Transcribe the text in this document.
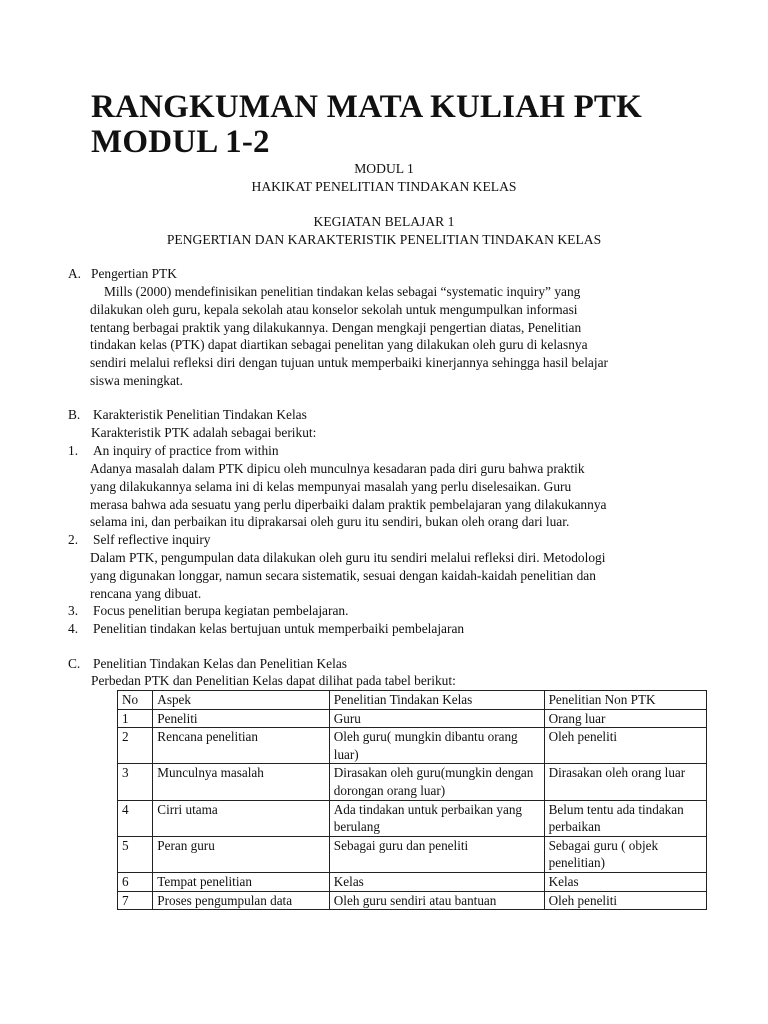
RANGKUMAN MATA KULIAH PTK
MODUL 1-2
MODUL 1
HAKIKAT PENELITIAN TINDAKAN KELAS
KEGIATAN BELAJAR 1
PENGERTIAN DAN KARAKTERISTIK PENELITIAN TINDAKAN KELAS
A. Pengertian PTK

Mills (2000) mendefinisikan penelitian tindakan kelas sebagai “systematic inquiry” yang

dilakukan oleh guru, kepala sekolah atau konselor sekolah untuk mengumpulkan informasi

tentang berbagai praktik yang dilakukannya. Dengan mengkaji pengertian diatas, Penelitian

tindakan kelas (PTK) dapat diartikan sebagai penelitan yang dilakukan oleh guru di kelasnya

sendiri melalui refleksi diri dengan tujuan untuk memperbaiki kinerjannya sehingga hasil belajar

siswa meningkat.

B. Karakteristik Penelitian Tindakan Kelas
Karakteristik PTK adalah sebagai berikut:
1. An inquiry of practice from within

Adanya masalah dalam PTK dipicu oleh munculnya kesadaran pada diri guru bahwa praktik

yang dilakukannya selama ini di kelas mempunyai masalah yang perlu diselesaikan. Guru

merasa bahwa ada sesuatu yang perlu diperbaiki dalam praktik pembelajaran yang dilakukannya

selama ini, dan perbaikan itu diprakarsai oleh guru itu sendiri, bukan oleh orang dari luar.

2. Self reflective inquiry

Dalam PTK, pengumpulan data dilakukan oleh guru itu sendiri melalui refleksi diri. Metodologi

yang digunakan longgar, namun secara sistematik, sesuai dengan kaidah-kaidah penelitian dan

rencana yang dibuat.

3. Focus penelitian berupa kegiatan pembelajaran.
4. Penelitian tindakan kelas bertujuan untuk memperbaiki pembelajaran
C. Penelitian Tindakan Kelas dan Penelitian Kelas
Perbedan PTK dan Penelitian Kelas dapat dilihat pada tabel berikut:
No	Aspek	Penelitian Tindakan Kelas	Penelitian Non PTK
1	Peneliti	Guru	Orang luar
2	Rencana penelitian	Oleh guru( mungkin dibantu orang luar)	Oleh peneliti
3	Munculnya masalah	Dirasakan oleh guru(mungkin dengan dorongan orang luar)	Dirasakan oleh orang luar
4	Cirri utama	Ada tindakan untuk perbaikan yang berulang	Belum tentu ada tindakan perbaikan
5	Peran guru	Sebagai guru dan peneliti	Sebagai guru ( objek penelitian)
6	Tempat penelitian	Kelas	Kelas
7	Proses pengumpulan data	Oleh guru sendiri atau bantuan	Oleh peneliti
